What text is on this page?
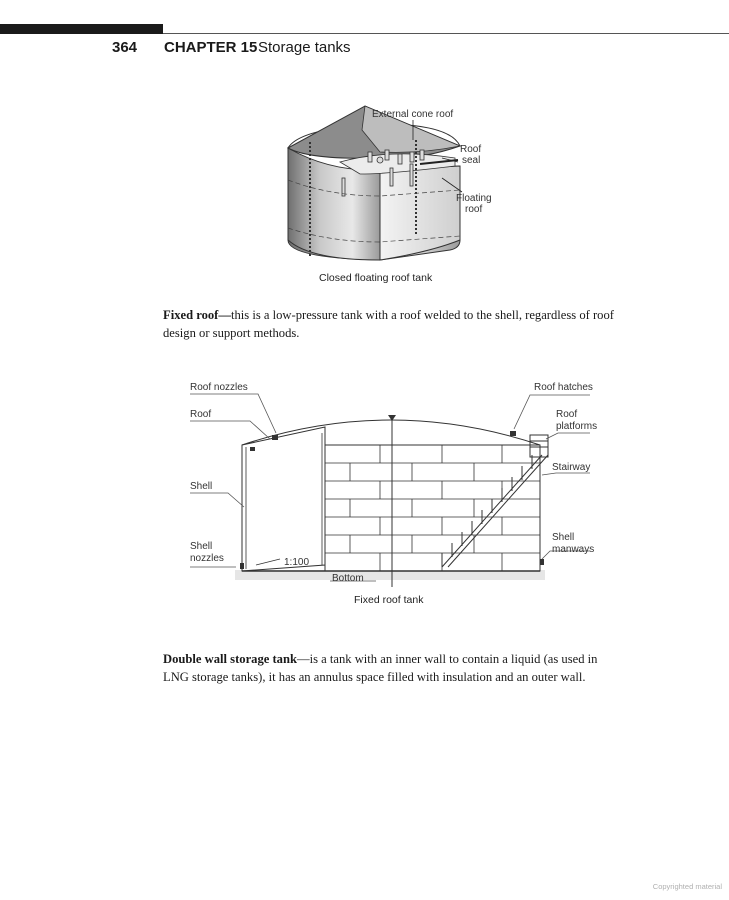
364 CHAPTER 15 Storage tanks
External cone roof
Roof
seal
Floating
roof
Closed floating roof tank
Fixed roof—this is a low-pressure tank with a roof welded to the shell, regardless of roof design or support methods.
Roof nozzles
Roof
Shell
Shell
nozzles	1:100
Bottom
Roof hatches
Roof
platforms
Stairway
Shell
manways
Fixed roof tank
Double wall storage tank—is a tank with an inner wall to contain a liquid (as used in LNG storage tanks), it has an annulus space filled with insulation and an outer wall.
Copyrighted material
